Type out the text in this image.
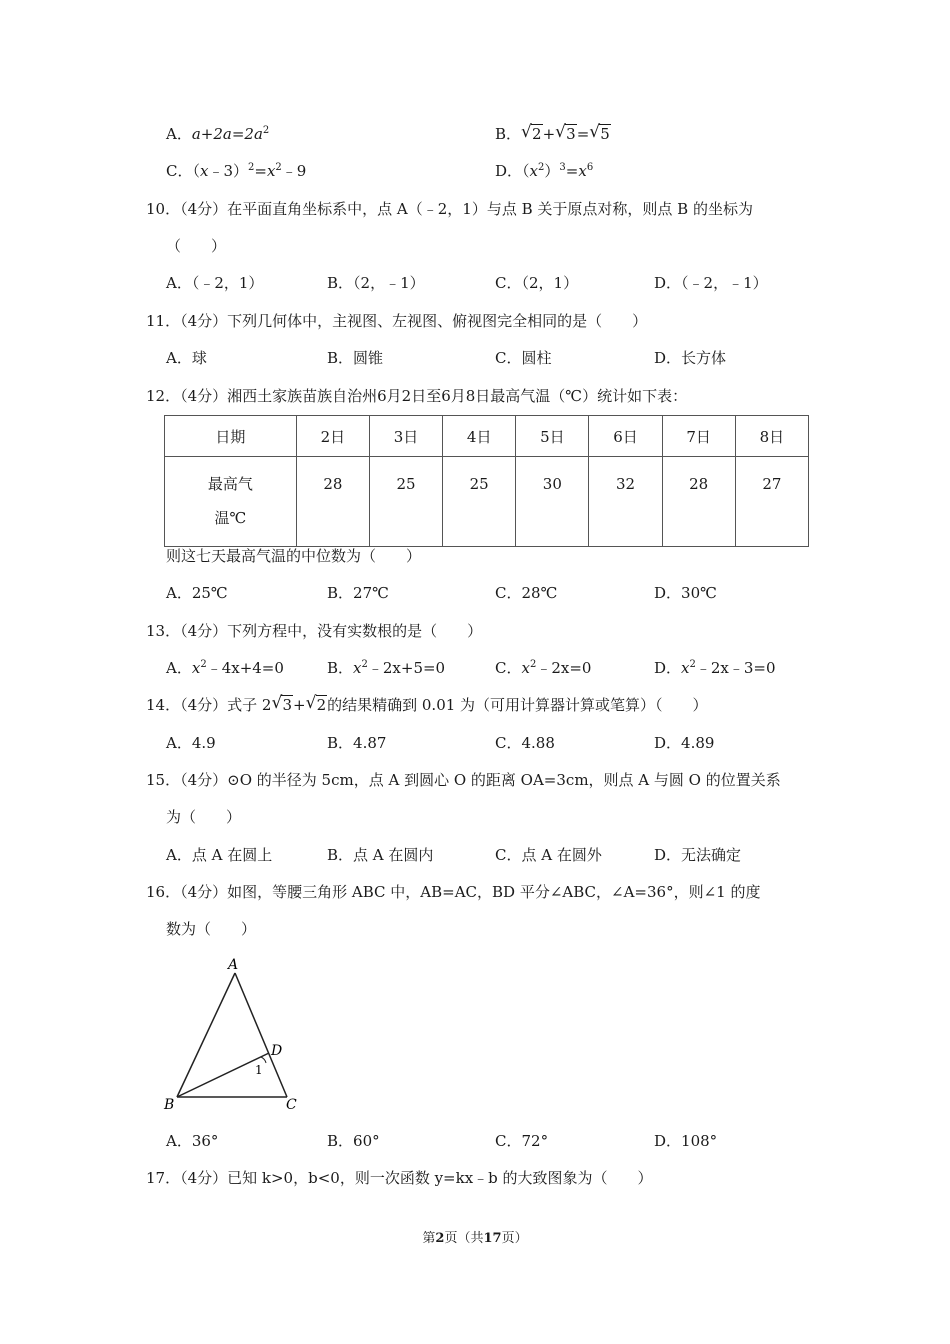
A．$a+2a=2a^2$	B． √ 2+ √ 3= √ 5
C．$(x﹣3)^2=x^2﹣9$	D．$(x^2)^3=x^6$
10．（4分）在平面直角坐标系中，点 A（﹣2，1）与点 B 关于原点对称，则点 B 的坐标为
（　　）
A．（﹣2，1）	B．（2，﹣1）	C．（2，1）	D．（﹣2，﹣1）
11．（4分）下列几何体中，主视图、左视图、俯视图完全相同的是（　　）
A．球	B．圆锥	C．圆柱	D．长方体
12．（4分）湘西土家族苗族自治州6月2日至6月8日最高气温（℃）统计如下表：
日期	2日	3日	4日	5日	6日	7日	8日

最高气
温℃	28	25	25	30	32	28	27
则这七天最高气温的中位数为（　　）
A．25℃	B．27℃	C．28℃	D．30℃
13．（4分）下列方程中，没有实数根的是（　　）
A．$x^2﹣4x+4=0$	B．$x^2﹣2x+5=0$	C．$x^2﹣2x=0$	D．$x^2﹣2x﹣3=0$
14．（4分）式子 2 √ 3+ √ 2的结果精确到 0.01 为（可用计算器计算或笔算）（　　）
A．4.9	B．4.87	C．4.88	D．4.89
15．（4分）⊙O 的半径为 5cm，点 A 到圆心 O 的距离 OA=3cm，则点 A 与圆 O 的位置关系
为（　　）
A．点 A 在圆上	B．点 A 在圆内	C．点 A 在圆外	D．无法确定
16．（4分）如图，等腰三角形 ABC 中，AB=AC，BD 平分∠ABC，∠A=36°，则∠1 的度
数为（　　）
A
B	C
D
1
A．36°	B．60°	C．72°	D．108°
17．（4分）已知 k>0，b<0，则一次函数 y=kx﹣b 的大致图象为（　　）
第2页（共17页）
